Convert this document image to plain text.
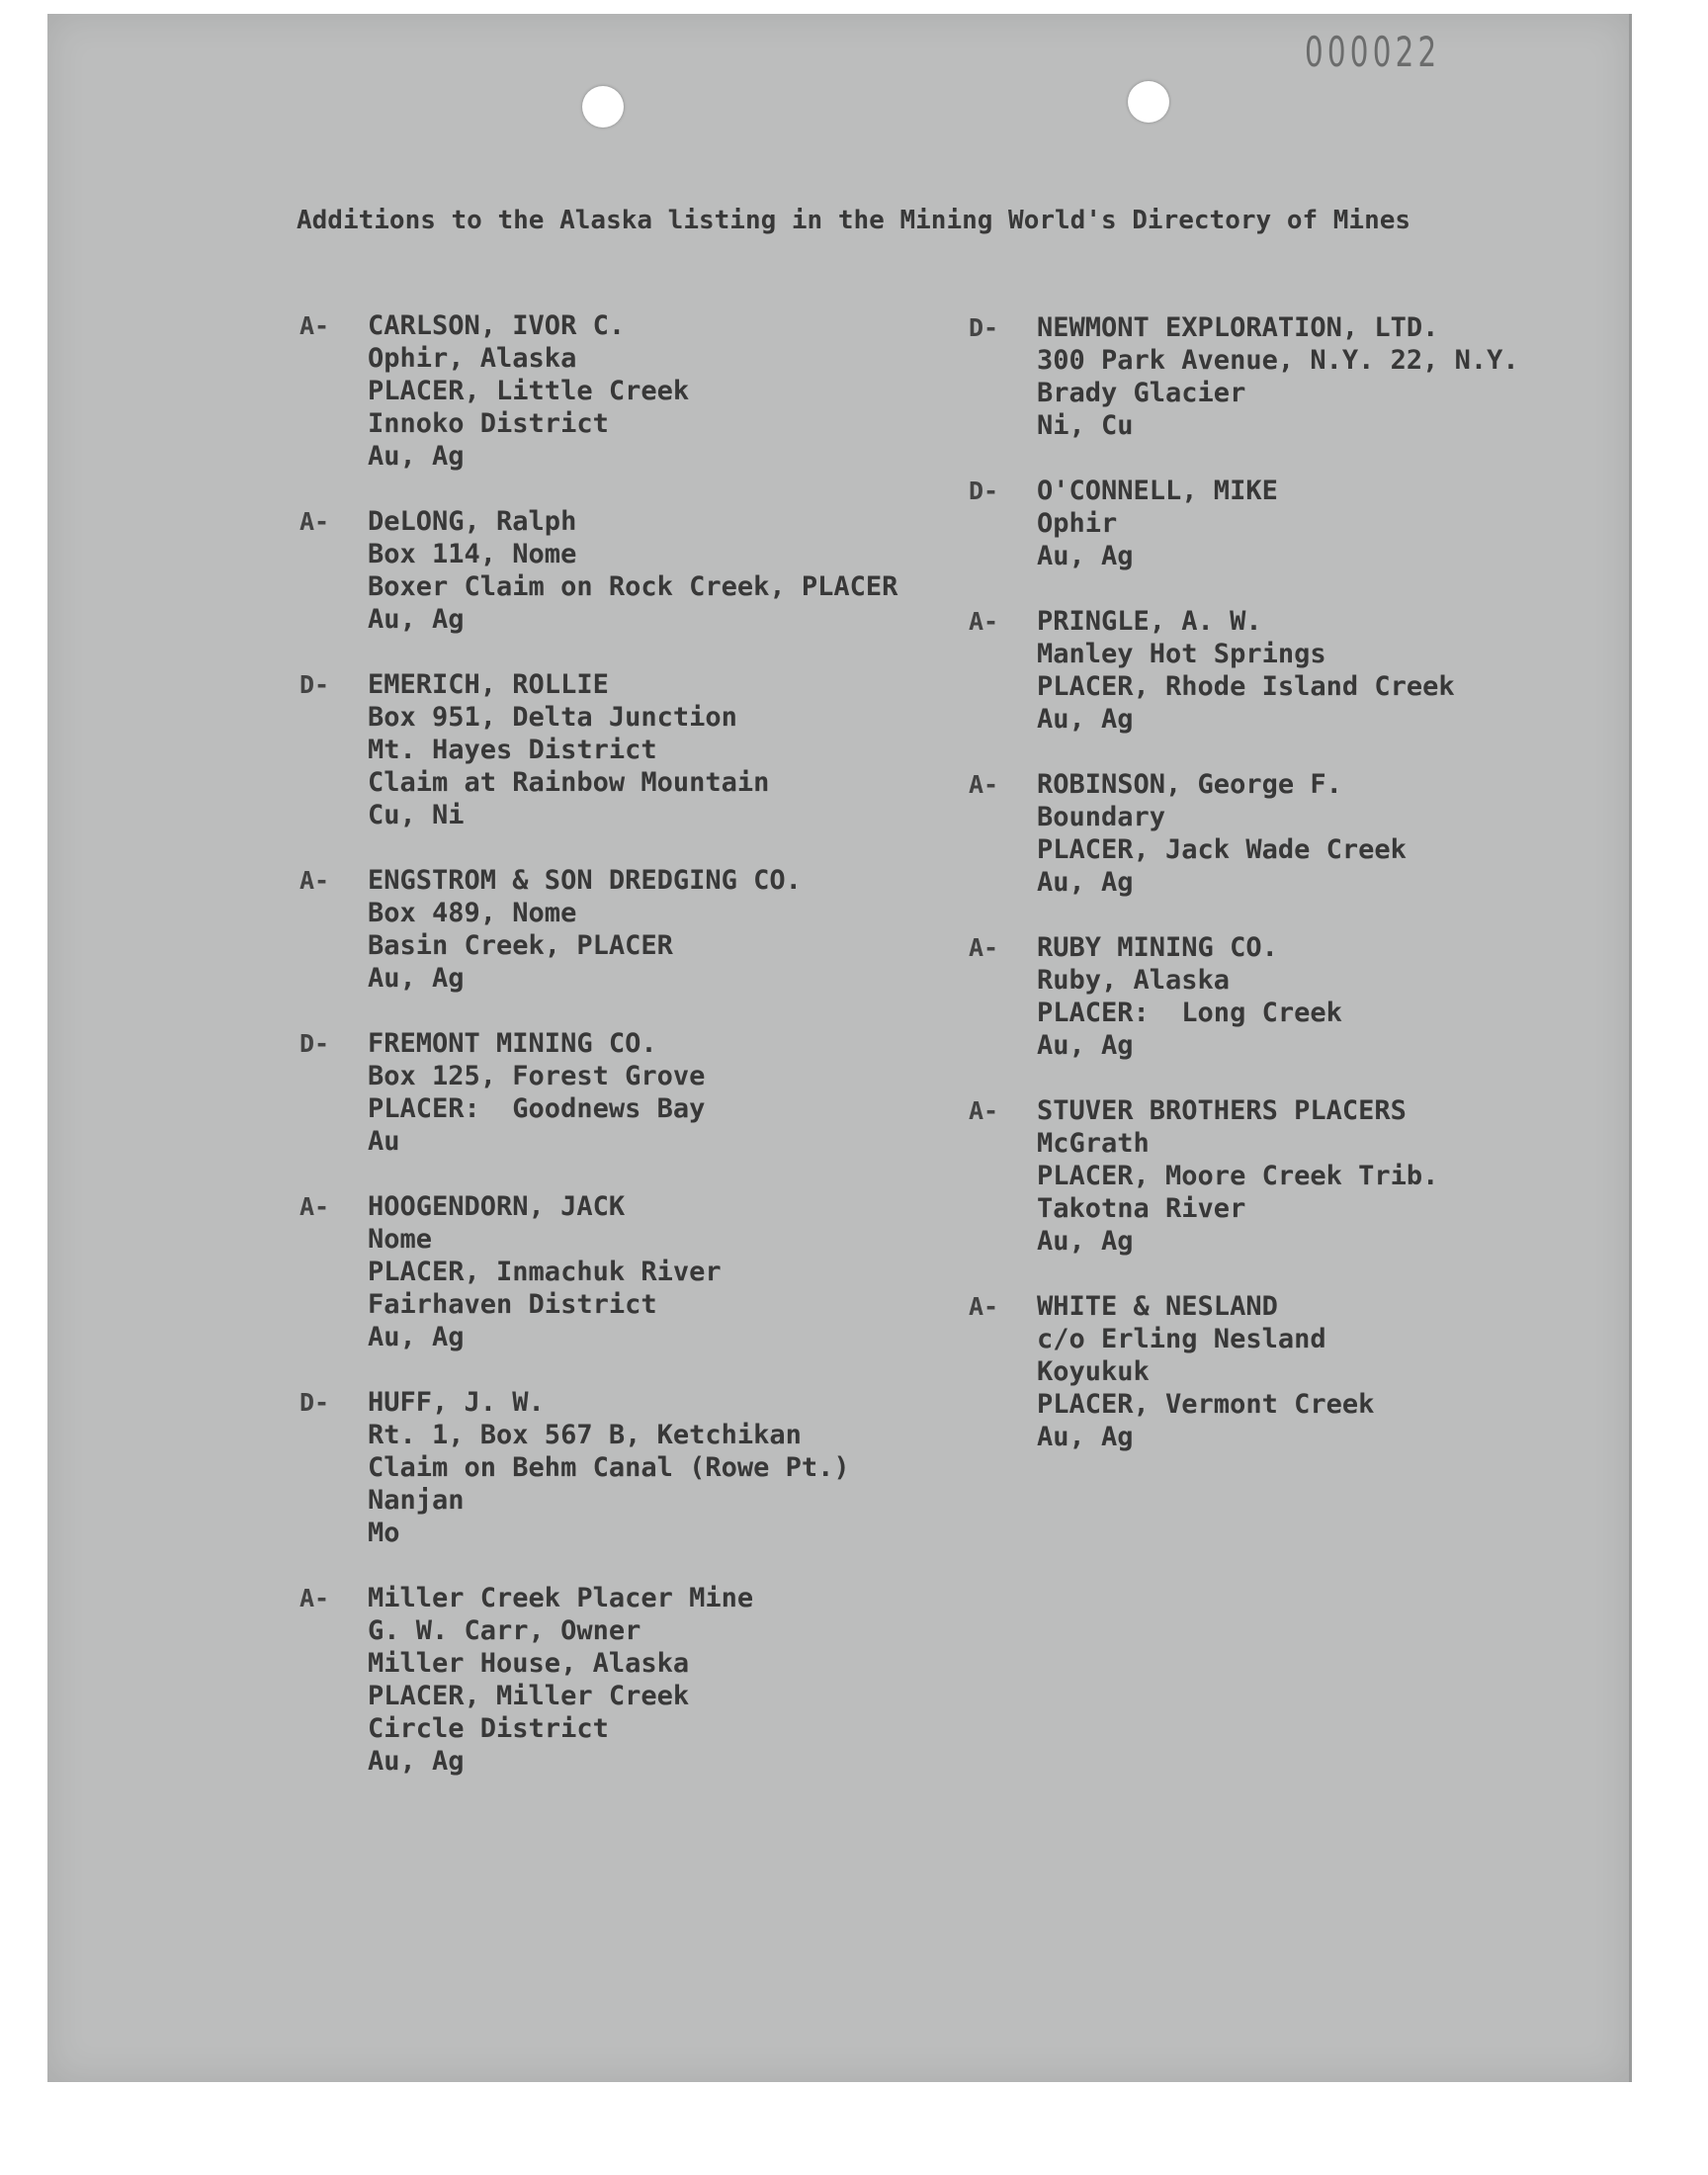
000022
Additions to the Alaska listing in the Mining World's Directory of Mines
A-	CARLSON, IVOR C.
Ophir, Alaska
PLACER, Little Creek
Innoko District
Au, Ag
A-	DeLONG, Ralph
Box 114, Nome
Boxer Claim on Rock Creek, PLACER
Au, Ag
D-	EMERICH, ROLLIE
Box 951, Delta Junction
Mt. Hayes District
Claim at Rainbow Mountain
Cu, Ni
A-	ENGSTROM & SON DREDGING CO.
Box 489, Nome
Basin Creek, PLACER
Au, Ag
D-	FREMONT MINING CO.
Box 125, Forest Grove
PLACER:  Goodnews Bay
Au
A-	HOOGENDORN, JACK
Nome
PLACER, Inmachuk River
Fairhaven District
Au, Ag
D-	HUFF, J. W.
Rt. 1, Box 567 B, Ketchikan
Claim on Behm Canal (Rowe Pt.)
Nanjan
Mo
A-	Miller Creek Placer Mine
G. W. Carr, Owner
Miller House, Alaska
PLACER, Miller Creek
Circle District
Au, Ag
D-	NEWMONT EXPLORATION, LTD.
300 Park Avenue, N.Y. 22, N.Y.
Brady Glacier
Ni, Cu
D-	O'CONNELL, MIKE
Ophir
Au, Ag
A-	PRINGLE, A. W.
Manley Hot Springs
PLACER, Rhode Island Creek
Au, Ag
A-	ROBINSON, George F.
Boundary
PLACER, Jack Wade Creek
Au, Ag
A-	RUBY MINING CO.
Ruby, Alaska
PLACER:  Long Creek
Au, Ag
A-	STUVER BROTHERS PLACERS
McGrath
PLACER, Moore Creek Trib.
Takotna River
Au, Ag
A-	WHITE & NESLAND
c/o Erling Nesland
Koyukuk
PLACER, Vermont Creek
Au, Ag
